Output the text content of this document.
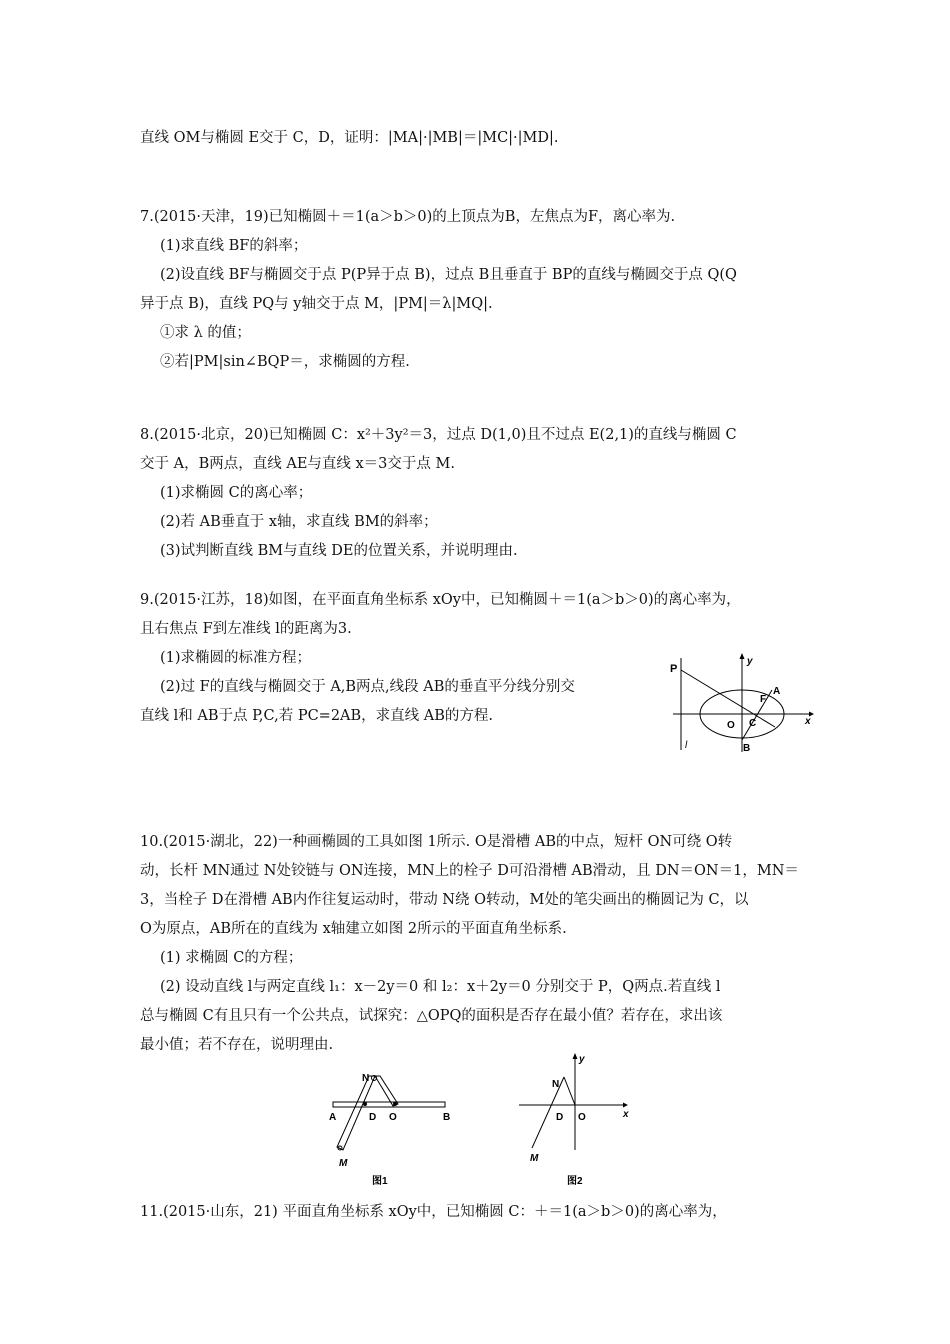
直线 OM与椭圆 E交于 C，D，证明：|MA|·|MB|＝|MC|·|MD|.
7.(2015·天津，19)已知椭圆＋＝1(a＞b＞0)的上顶点为B，左焦点为F，离心率为.
(1)求直线 BF的斜率；
(2)设直线 BF与椭圆交于点 P(P异于点 B)，过点 B且垂直于 BP的直线与椭圆交于点 Q(Q
异于点 B)，直线 PQ与 y轴交于点 M，|PM|＝λ|MQ|.
①求 λ 的值；
②若|PM|sin∠BQP＝，求椭圆的方程.
8.(2015·北京，20)已知椭圆 C：x²＋3y²＝3，过点 D(1,0)且不过点 E(2,1)的直线与椭圆 C
交于 A，B两点，直线 AE与直线 x＝3交于点 M.
(1)求椭圆 C的离心率；
(2)若 AB垂直于 x轴，求直线 BM的斜率；
(3)试判断直线 BM与直线 DE的位置关系，并说明理由.
9.(2015·江苏，18)如图，在平面直角坐标系 xOy中，已知椭圆＋＝1(a＞b＞0)的离心率为，
且右焦点 F到左准线 l的距离为3.
(1)求椭圆的标准方程；
(2)过 F的直线与椭圆交于 A,B两点,线段 AB的垂直平分线分别交
直线 l和 AB于点 P,C,若 PC=2AB，求直线 AB的方程.
P
y
F
A
O C	x
l	B
10.(2015·湖北，22)一种画椭圆的工具如图 1所示. O是滑槽 AB的中点，短杆 ON可绕 O转
动，长杆 MN通过 N处铰链与 ON连接，MN上的栓子 D可沿滑槽 AB滑动，且 DN＝ON＝1，MN＝
3，当栓子 D在滑槽 AB内作往复运动时，带动 N绕 O转动，M处的笔尖画出的椭圆记为 C，以
O为原点，AB所在的直线为 x轴建立如图 2所示的平面直角坐标系.
(1) 求椭圆 C的方程；
(2) 设动直线 l与两定直线 l₁：x－2y＝0 和 l₂：x＋2y＝0 分别交于 P，Q两点.若直线 l
总与椭圆 C有且只有一个公共点，试探究：△OPQ的面积是否存在最小值？若存在，求出该
最小值；若不存在，说明理由.
N
A	D O	B
M
图1
y
N
D O	x
M
图2
11.(2015·山东，21) 平面直角坐标系 xOy中，已知椭圆 C：＋＝1(a＞b＞0)的离心率为，
